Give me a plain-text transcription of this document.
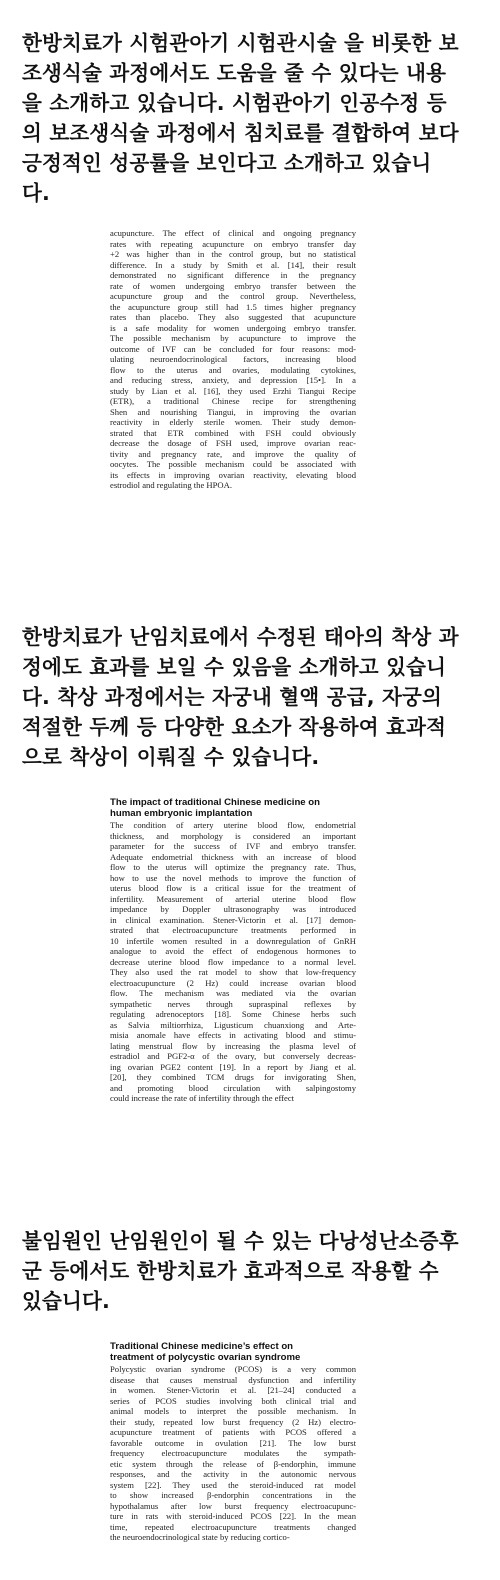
한방치료가 시험관아기 시험관시술 을 비롯한 보

조생식술 과정에서도 도움을 줄 수 있다는 내용

을 소개하고 있습니다. 시험관아기 인공수정 등

의 보조생식술 과정에서 침치료를 결합하여 보다

긍정적인 성공률을 보인다고 소개하고 있습니

다.

acupuncture. The effect of clinical and ongoing pregnancy
rates with repeating acupuncture on embryo transfer day
+2 was higher than in the control group, but no statistical
difference. In a study by Smith et al. [14], their result
demonstrated no significant difference in the pregnancy
rate of women undergoing embryo transfer between the
acupuncture group and the control group. Nevertheless,
the acupuncture group still had 1.5 times higher pregnancy
rates than placebo. They also suggested that acupuncture
is a safe modality for women undergoing embryo transfer.
The possible mechanism by acupuncture to improve the
outcome of IVF can be concluded for four reasons: mod-
ulating neuroendocrinological factors, increasing blood
flow to the uterus and ovaries, modulating cytokines,
and reducing stress, anxiety, and depression [15•]. In a
study by Lian et al. [16], they used Erzhi Tiangui Recipe
(ETR), a traditional Chinese recipe for strengthening
Shen and nourishing Tiangui, in improving the ovarian
reactivity in elderly sterile women. Their study demon-
strated that ETR combined with FSH could obviously
decrease the dosage of FSH used, improve ovarian reac-
tivity and pregnancy rate, and improve the quality of
oocytes. The possible mechanism could be associated with
its effects in improving ovarian reactivity, elevating blood
estrodiol and regulating the HPOA.

한방치료가 난임치료에서 수정된 태아의 착상 과

정에도 효과를 보일 수 있음을 소개하고 있습니

다. 착상 과정에서는 자궁내 혈액 공급, 자궁의

적절한 두께 등 다양한 요소가 작용하여 효과적

으로 착상이 이뤄질 수 있습니다.

The impact of traditional Chinese medicine on
human embryonic implantation
The condition of artery uterine blood flow, endometrial
thickness, and morphology is considered an important
parameter for the success of IVF and embryo transfer.
Adequate endometrial thickness with an increase of blood
flow to the uterus will optimize the pregnancy rate. Thus,
how to use the novel methods to improve the function of
uterus blood flow is a critical issue for the treatment of
infertility. Measurement of arterial uterine blood flow
impedance by Doppler ultrasonography was introduced
in clinical examination. Stener-Victorin et al. [17] demon-
strated that electroacupuncture treatments performed in
10 infertile women resulted in a downregulation of GnRH
analogue to avoid the effect of endogenous hormones to
decrease uterine blood flow impedance to a normal level.
They also used the rat model to show that low-frequency
electroacupuncture (2 Hz) could increase ovarian blood
flow. The mechanism was mediated via the ovarian
sympathetic nerves through supraspinal reflexes by
regulating adrenoceptors [18]. Some Chinese herbs such
as Salvia miltiorrhiza, Ligusticum chuanxiong and Arte-
misia anomale have effects in activating blood and stimu-
lating menstrual flow by increasing the plasma level of
estradiol and PGF2-α of the ovary, but conversely decreas-
ing ovarian PGE2 content [19]. In a report by Jiang et al.
[20], they combined TCM drugs for invigorating Shen,
and promoting blood circulation with salpingostomy
could increase the rate of infertility through the effect

불임원인 난임원인이 될 수 있는 다낭성난소증후

군 등에서도 한방치료가 효과적으로 작용할 수

있습니다.

Traditional Chinese medicine’s effect on
treatment of polycystic ovarian syndrome
Polycystic ovarian syndrome (PCOS) is a very common
disease that causes menstrual dysfunction and infertility
in women. Stener-Victorin et al. [21–24] conducted a
series of PCOS studies involving both clinical trial and
animal models to interpret the possible mechanism. In
their study, repeated low burst frequency (2 Hz) electro-
acupuncture treatment of patients with PCOS offered a
favorable outcome in ovulation [21]. The low burst
frequency electroacupuncture modulates the sympath-
etic system through the release of β-endorphin, immune
responses, and the activity in the autonomic nervous
system [22]. They used the steroid-induced rat model
to show increased β-endorphin concentrations in the
hypothalamus after low burst frequency electroacupunc-
ture in rats with steroid-induced PCOS [22]. In the mean
time, repeated electroacupuncture treatments changed
the neuroendocrinological state by reducing cortico-
